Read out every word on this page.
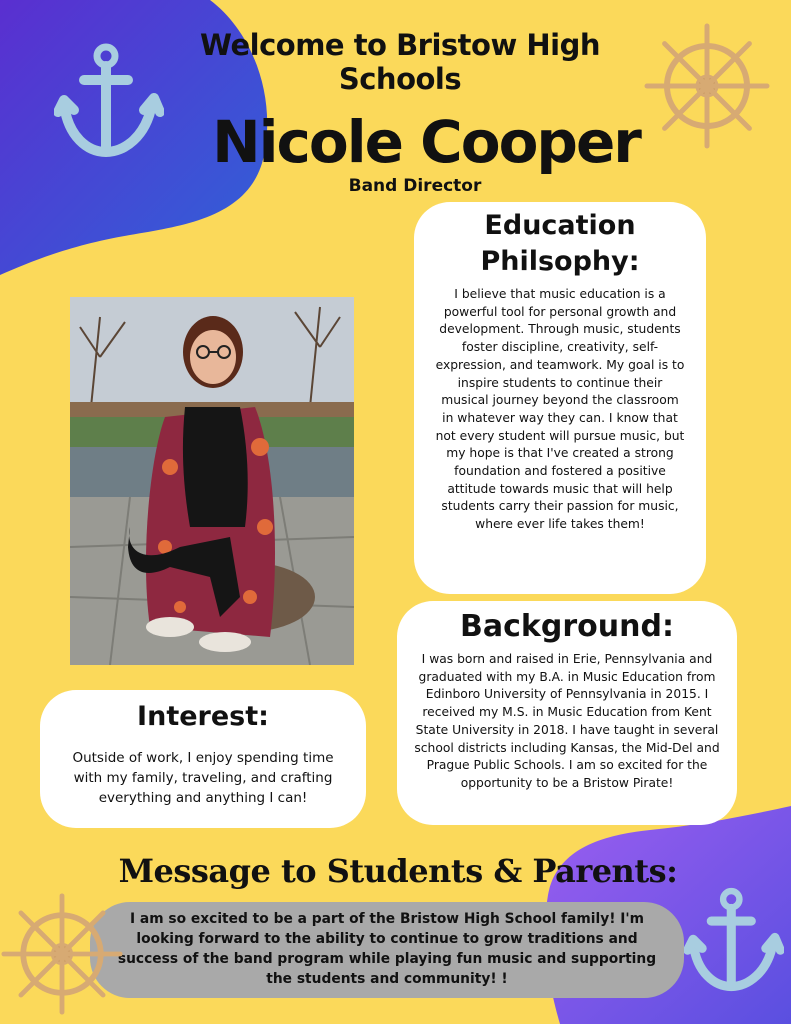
Welcome to Bristow High Schools
Nicole Cooper
Band Director
Education Philsophy:

I believe that music education is a powerful tool for personal growth and development. Through music, students foster discipline, creativity, self-expression, and teamwork. My goal is to inspire students to continue their musical journey beyond the classroom in whatever way they can. I know that not every student will pursue music, but my hope is that I've created a strong foundation and fostered a positive attitude towards music that will help students carry their passion for music, where ever life takes them!

Background:

I was born and raised in Erie, Pennsylvania and graduated with my B.A. in Music Education from Edinboro University of Pennsylvania in 2015. I received my M.S. in Music Education from Kent State University in 2018. I have taught in several school districts including Kansas, the Mid-Del and Prague Public Schools. I am so excited for the opportunity to be a Bristow Pirate!

Interest:

Outside of work, I enjoy spending time with my family, traveling, and crafting everything and anything I can!

Message to Students & Parents:

I am so excited to be a part of the Bristow High School family! I'm looking forward to the ability to continue to grow traditions and success of the band program while playing fun music and supporting the students and community! !
